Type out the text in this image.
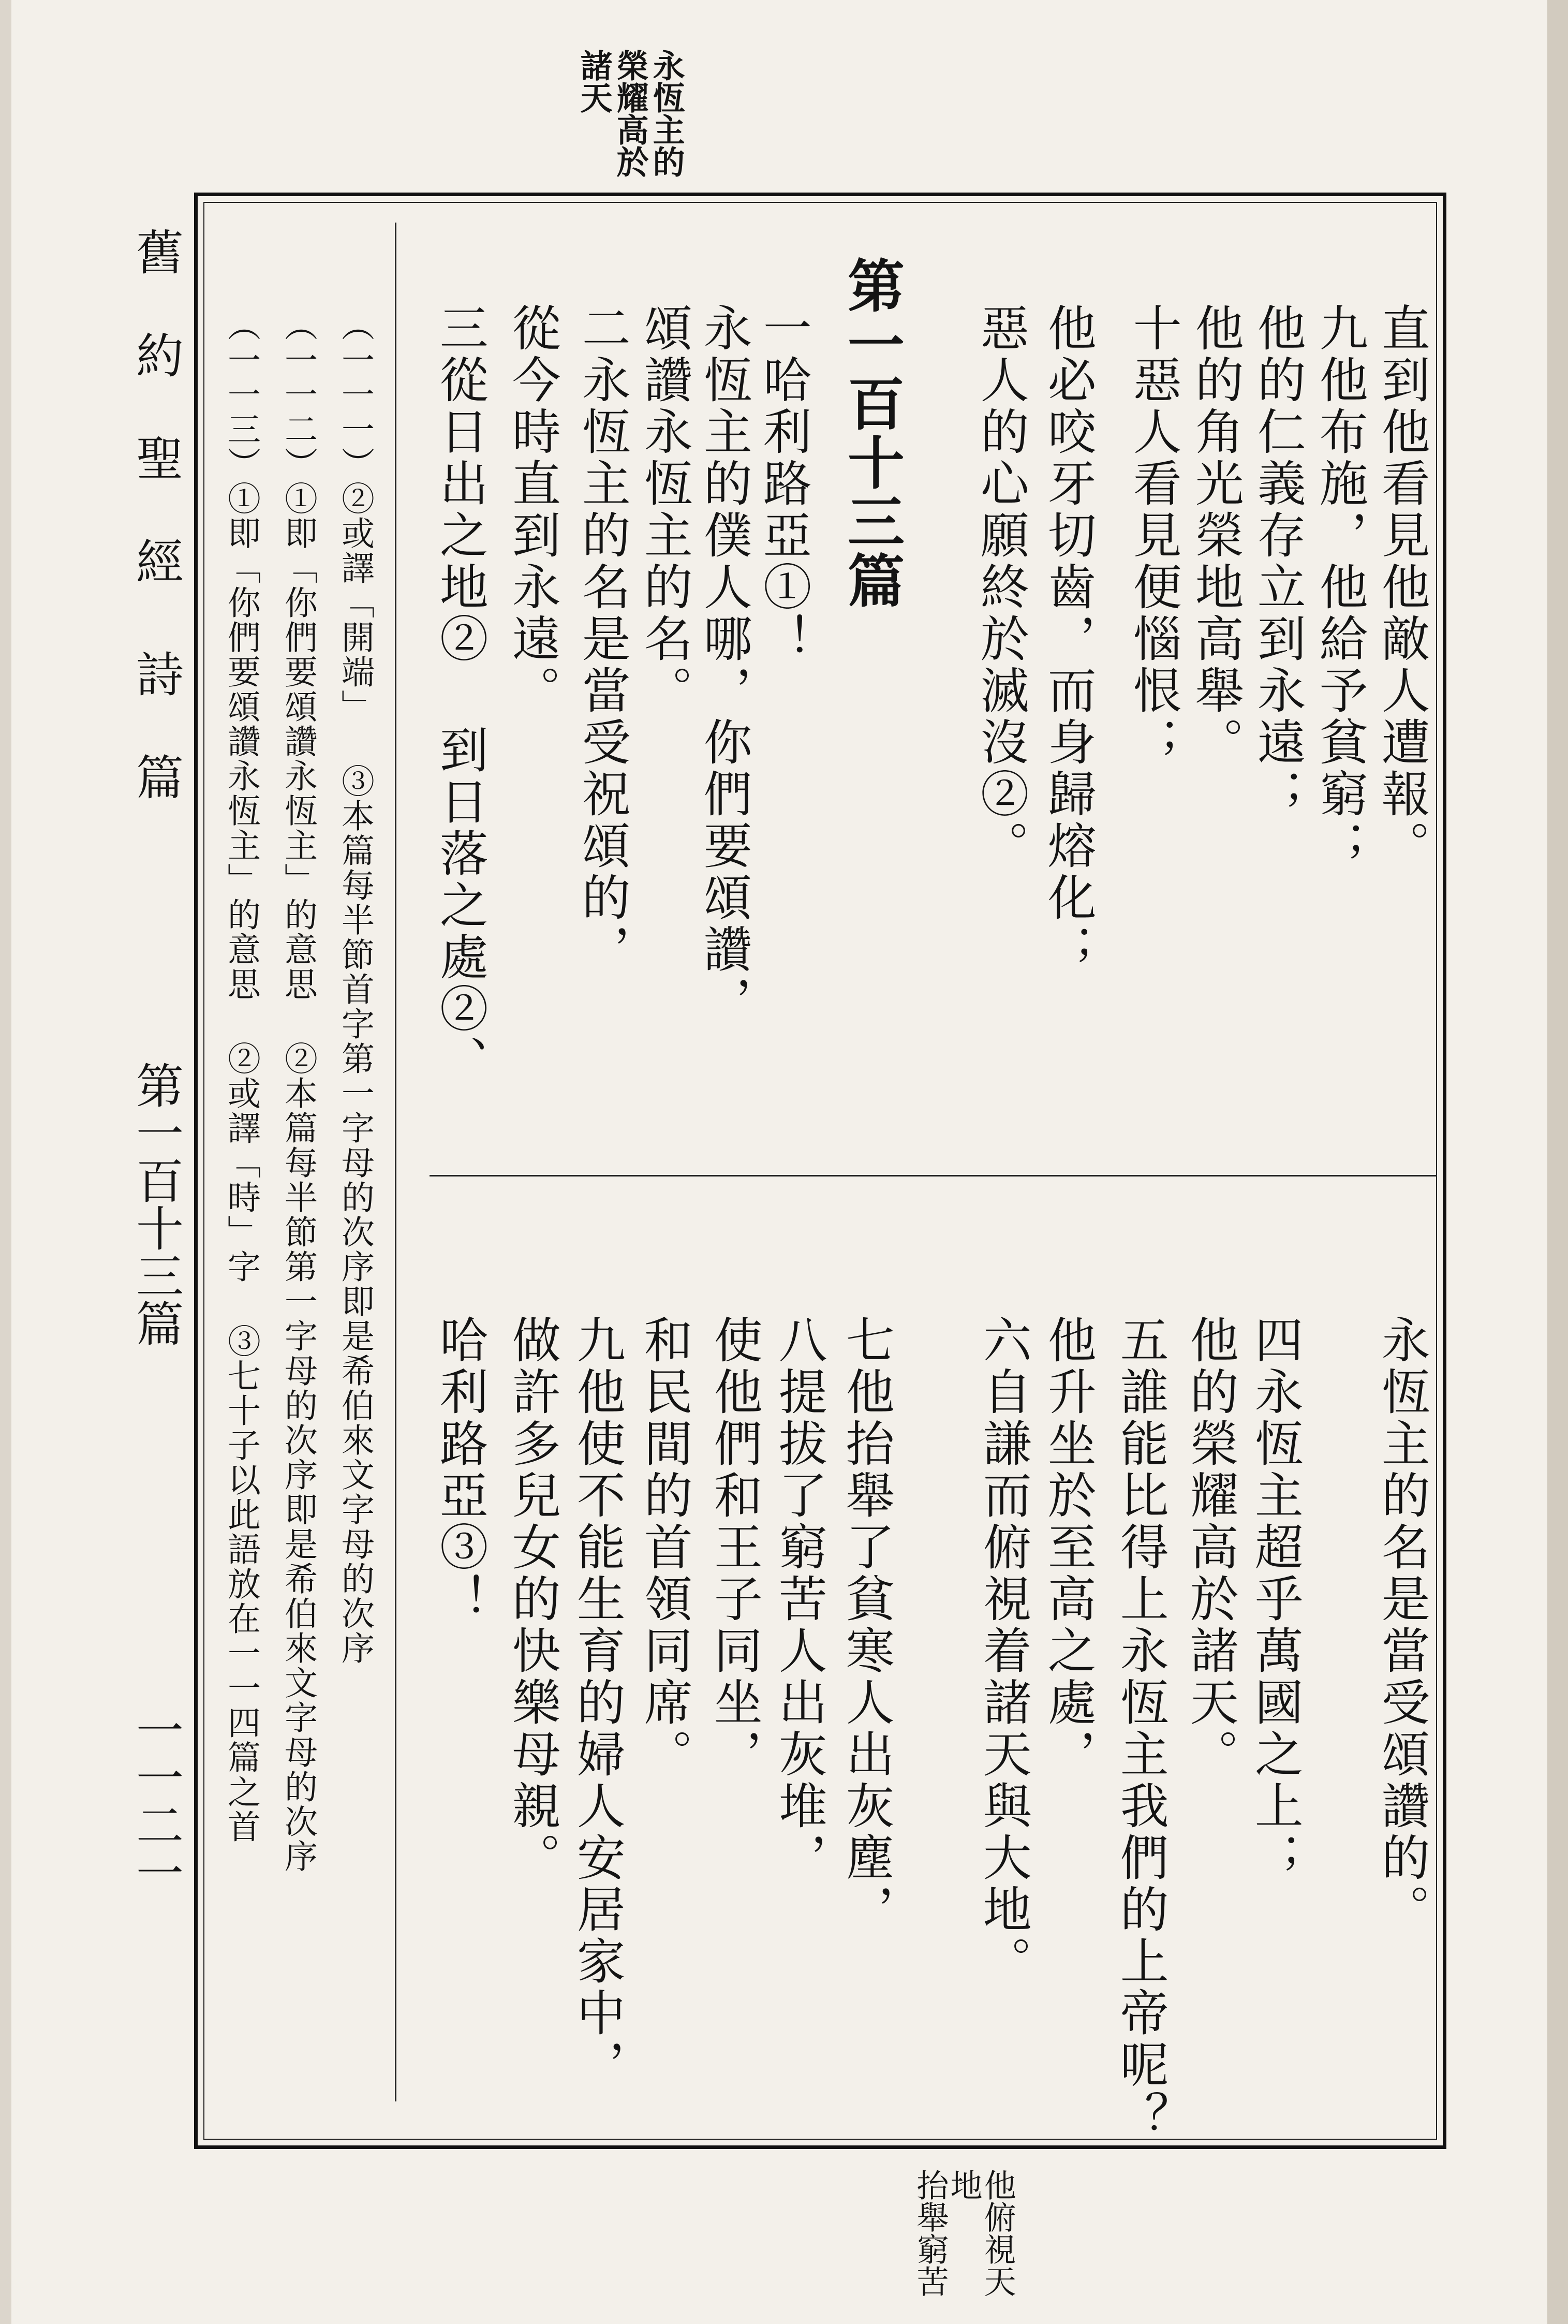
永恆主的
榮耀高於
諸天
舊 約 聖 經
詩 篇
第一百十三篇
一一二一
直到他看見他敵人遭報。
九他布施，他給予貧窮；
他的仁義存立到永遠；
他的角光榮地高舉。
十惡人看見便惱恨；
他必咬牙切齒，而身歸熔化；
惡人的心願終於滅沒②。
第一百十三篇
一哈利路亞①！
永恆主的僕人哪，你們要頌讚，
頌讚永恆主的名。
二永恆主的名是當受祝頌的，
從今時直到永遠。
三從日出之地② 到日落之處②、
永恆主的名是當受頌讚的。
四永恆主超乎萬國之上；
他的榮耀高於諸天。
五誰能比得上永恆主我們的上帝呢？
他升坐於至高之處，
六自謙而俯視着諸天與大地。
七他抬舉了貧寒人出灰塵，
八提拔了窮苦人出灰堆，
使他們和王子同坐，
和民間的首領同席。
九他使不能生育的婦人安居家中，
做許多兒女的快樂母親。
哈利路亞③！
（一一一）②或譯「開端」 ③本篇每半節首字第一字母的次序即是希伯來文字母的次序
（一一二）①即「你們要頌讚永恆主」的意思 ②本篇每半節第一字母的次序即是希伯來文字母的次序
（一一三）①即「你們要頌讚永恆主」的意思 ②或譯「時」字 ③七十子以此語放在一一四篇之首
他俯視天
地
抬舉窮苦
